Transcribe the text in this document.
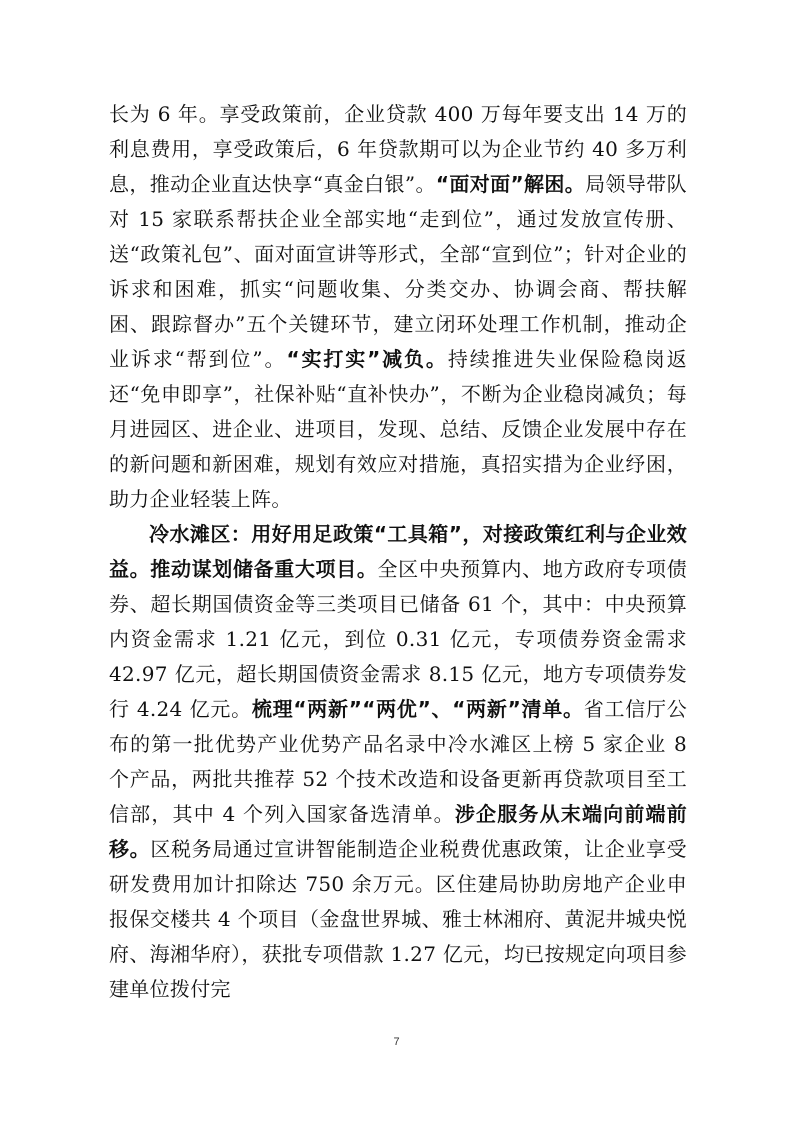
长为 6 年。享受政策前，企业贷款 400 万每年要支出 14 万的利息费用，享受政策后，6 年贷款期可以为企业节约 40 多万利息，推动企业直达快享“真金白银”。“面对面”解困。局领导带队对 15 家联系帮扶企业全部实地“走到位”，通过发放宣传册、送“政策礼包”、面对面宣讲等形式，全部“宣到位”；针对企业的诉求和困难，抓实“问题收集、分类交办、协调会商、帮扶解困、跟踪督办”五个关键环节，建立闭环处理工作机制，推动企业诉求“帮到位”。“实打实”减负。持续推进失业保险稳岗返还“免申即享”，社保补贴“直补快办”，不断为企业稳岗减负；每月进园区、进企业、进项目，发现、总结、反馈企业发展中存在的新问题和新困难，规划有效应对措施，真招实措为企业纾困，助力企业轻装上阵。

冷水滩区：用好用足政策“工具箱”，对接政策红利与企业效益。推动谋划储备重大项目。全区中央预算内、地方政府专项债券、超长期国债资金等三类项目已储备 61 个，其中：中央预算内资金需求 1.21 亿元，到位 0.31 亿元，专项债券资金需求 42.97 亿元，超长期国债资金需求 8.15 亿元，地方专项债券发行 4.24 亿元。梳理“两新”“两优”、“两新”清单。省工信厅公布的第一批优势产业优势产品名录中冷水滩区上榜 5 家企业 8 个产品，两批共推荐 52 个技术改造和设备更新再贷款项目至工信部，其中 4 个列入国家备选清单。涉企服务从末端向前端前移。区税务局通过宣讲智能制造企业税费优惠政策，让企业享受研发费用加计扣除达 750 余万元。区住建局协助房地产企业申报保交楼共 4 个项目（金盘世界城、雅士林湘府、黄泥井城央悦府、海湘华府），获批专项借款 1.27 亿元，均已按规定向项目参建单位拨付完

7
